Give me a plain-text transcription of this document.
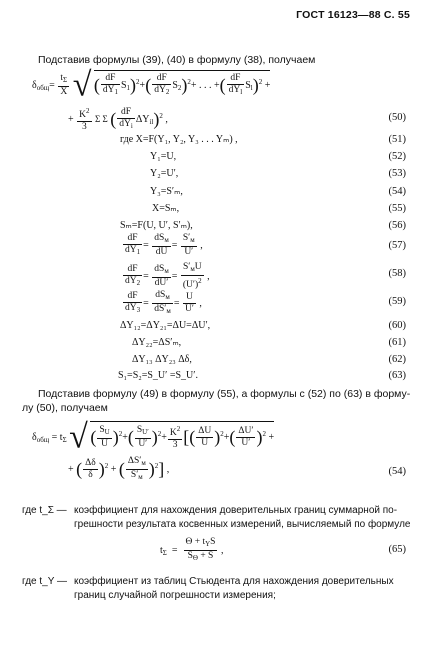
ГОСТ 16123—88 С. 55
Подставив формулы (39), (40) в формулу (38), получаем
$\delta_{общ}= \frac{t_\Sigma}{X}$ √ ( $\frac{dF}{dY_1} S_1)^2+( \frac{dF}{dY_2} S_2)^2+$ . . . +( $\frac{dF}{dY_l} S_l)^2$ +
+ $\frac{K^2}{3}$ Σ Σ ( $\frac{dF}{dY_i} \Delta Y_{il})^2$ ,	(50)
где X=F(Y₁, Y₂, Y₃ . . . Yₘ) ,	(51)
Y₁=U,	(52)
Y₂=U′,	(53)
Y₃=S′ₘ,	(54)
X=Sₘ,	(55)
Sₘ=F(U, U′, S′ₘ),	(56)
$\frac{dF}{dY_1} = \frac{dS_м}{dU} = \frac{S'_м}{U'}$ ,	(57)
$\frac{dF}{dY_2} = \frac{dS_м}{dU'} = \frac{S'_мU}{(U')^2}$ ,	(58)
$\frac{dF}{dY_3} = \frac{dS_м}{dS'_м} = \frac{U}{U'}$ ,	(59)
ΔY₁₂=ΔY₂₁=ΔU=ΔU′,	(60)
ΔY₂₂=ΔS′ₘ,	(61)
ΔY₁₃ ΔY₂₃ Δδ,	(62)
S₁=S₂=S_U′ =S_U′.	(63)
Подставив формулу (49) в формулу (55), а формулы с (52) по (63) в форму-
лу (50), получаем
$\delta_{общ} = t_\Sigma$ √ ( $\frac{S_U}{U} )^2+( \frac{S_{U'}}{U'} )^2+ \frac{K^2}{3}$ [( $\frac{\Delta U}{U} )^2+( \frac{\Delta U'}{U'} )^2$ +
+ ( $\frac{\Delta\delta}{\delta} )^2$ + ( $\frac{\Delta S'_м}{S'_м} )^2$] ,	(54)
где t_Σ — коэффициент для нахождения доверительных границ суммарной по-
грешности результата косвенных измерений, вычисляемый по формуле
$t_\Sigma = \frac{\Theta + t_YS}{S_\Theta + S}$ ,	(65)
где t_Y — коэффициент из таблиц Стьюдента для нахождения доверительных
границ случайной погрешности измерения;
